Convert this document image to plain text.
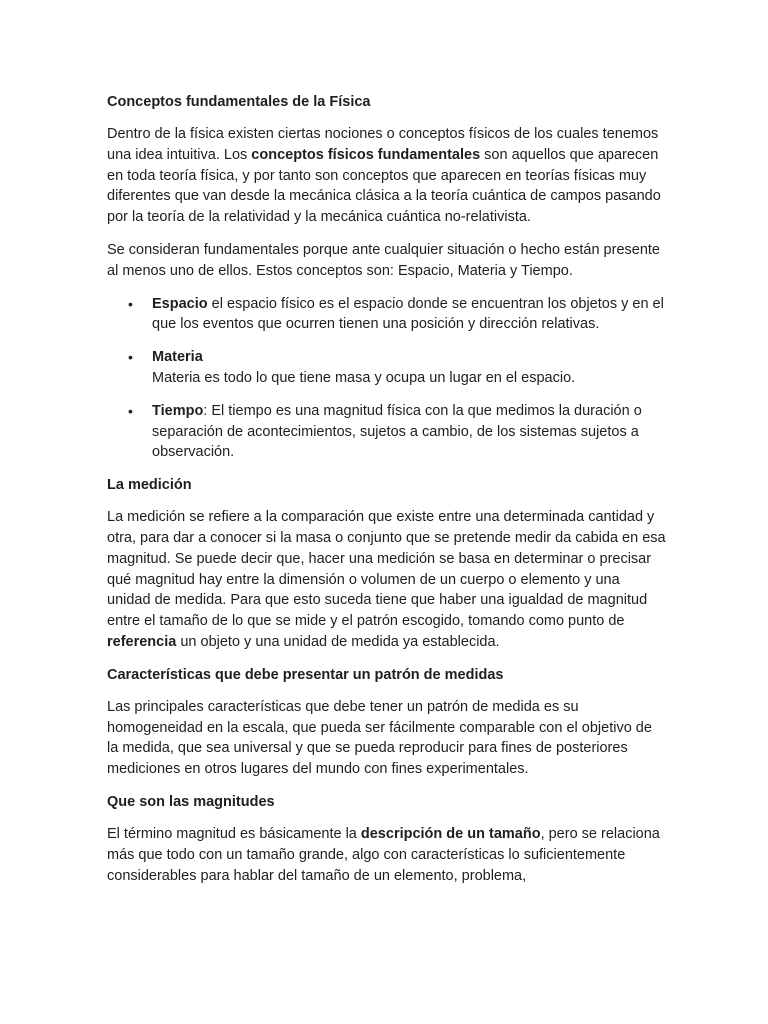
Conceptos fundamentales de la Física

Dentro de la física existen ciertas nociones o conceptos físicos de los cuales tenemos una idea intuitiva. Los conceptos físicos fundamentales son aquellos que aparecen en toda teoría física, y por tanto son conceptos que aparecen en teorías físicas muy diferentes que van desde la mecánica clásica a la teoría cuántica de campos pasando por la teoría de la relatividad y la mecánica cuántica no-relativista.

Se consideran fundamentales porque ante cualquier situación o hecho están presente al menos uno de ellos. Estos conceptos son: Espacio, Materia y Tiempo.

• Espacio el espacio físico es el espacio donde se encuentran los objetos y en el que los eventos que ocurren tienen una posición y dirección relativas.
• Materia
Materia es todo lo que tiene masa y ocupa un lugar en el espacio.
• Tiempo: El tiempo es una magnitud física con la que medimos la duración o separación de acontecimientos, sujetos a cambio, de los sistemas sujetos a observación.
La medición

La medición se refiere a la comparación que existe entre una determinada cantidad y otra, para dar a conocer si la masa o conjunto que se pretende medir da cabida en esa magnitud. Se puede decir que, hacer una medición se basa en determinar o precisar qué magnitud hay entre la dimensión o volumen de un cuerpo o elemento y una unidad de medida. Para que esto suceda tiene que haber una igualdad de magnitud entre el tamaño de lo que se mide y el patrón escogido, tomando como punto de referencia un objeto y una unidad de medida ya establecida.

Características que debe presentar un patrón de medidas

Las principales características que debe tener un patrón de medida es su homogeneidad en la escala, que pueda ser fácilmente comparable con el objetivo de la medida, que sea universal y que se pueda reproducir para fines de posteriores mediciones en otros lugares del mundo con fines experimentales.

Que son las magnitudes

El término magnitud es básicamente la descripción de un tamaño, pero se relaciona más que todo con un tamaño grande, algo con características lo suficientemente considerables para hablar del tamaño de un elemento, problema,
